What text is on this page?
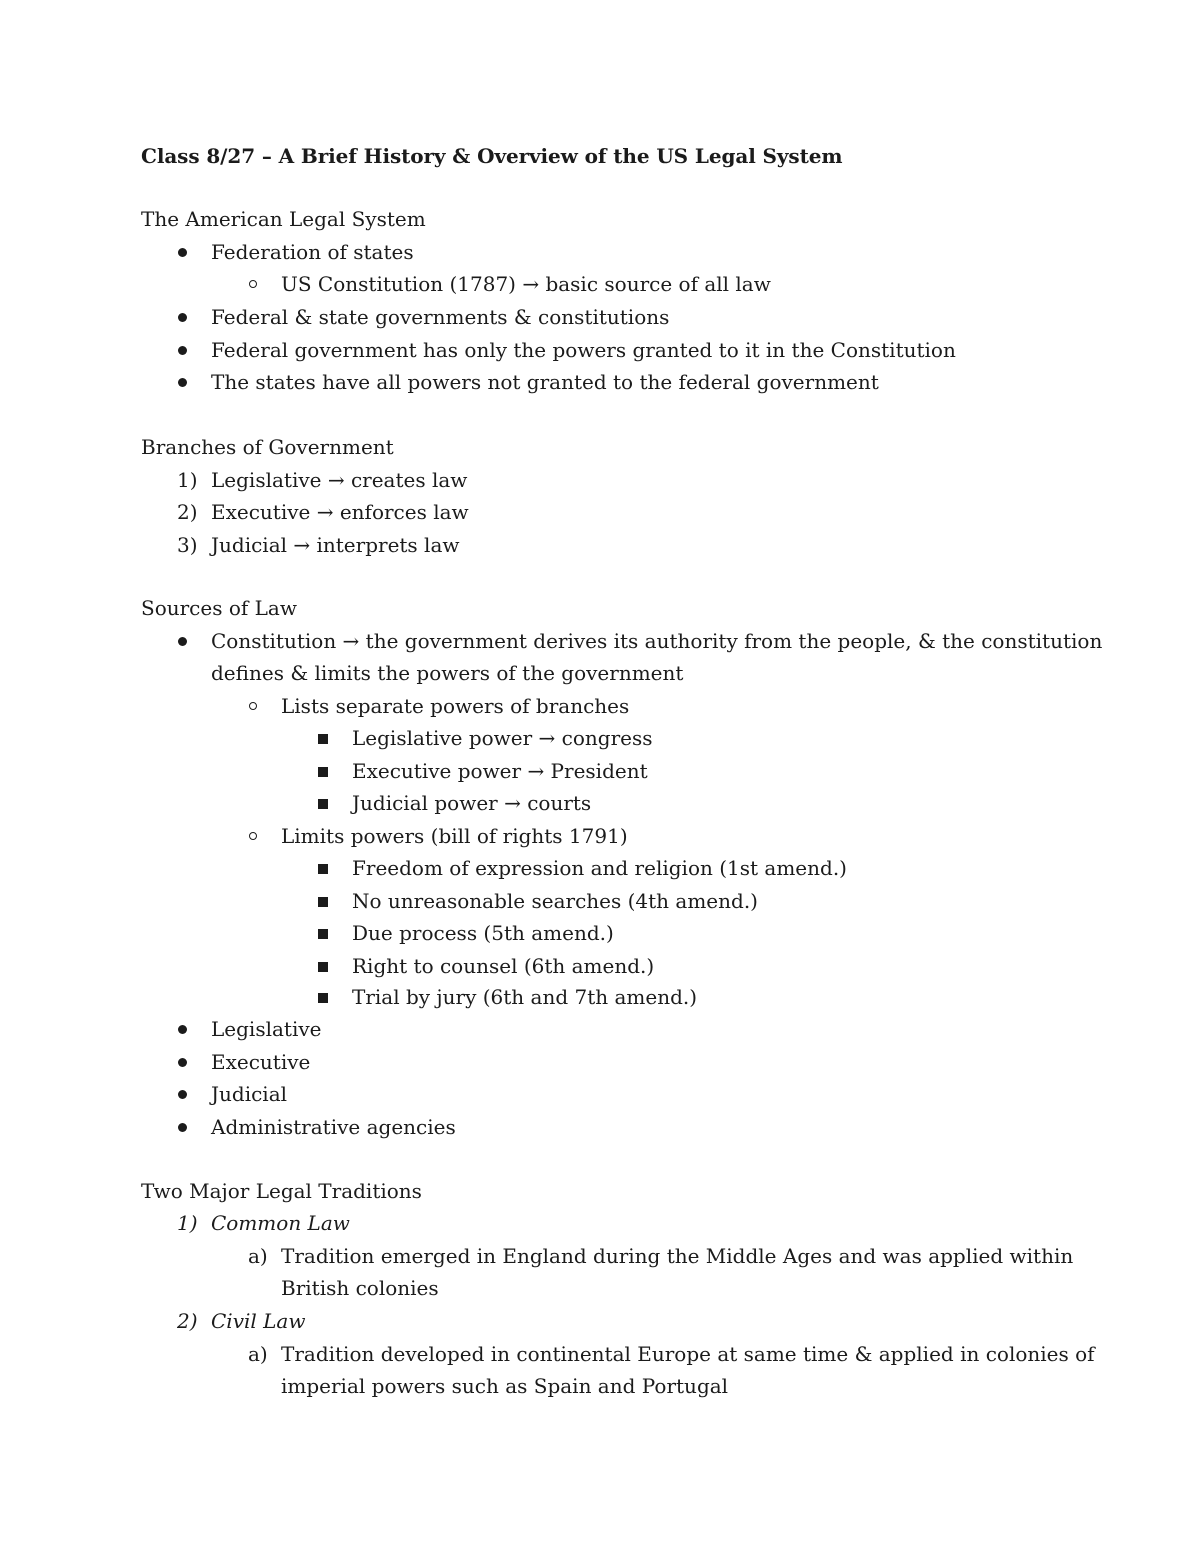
Class 8/27 – A Brief History & Overview of the US Legal System
The American Legal System
Federation of states
US Constitution (1787) → basic source of all law
Federal & state governments & constitutions
Federal government has only the powers granted to it in the Constitution
The states have all powers not granted to the federal government
Branches of Government
1) Legislative → creates law
2) Executive → enforces law
3) Judicial → interprets law
Sources of Law
Constitution → the government derives its authority from the people, & the constitution
defines & limits the powers of the government
Lists separate powers of branches
Legislative power → congress
Executive power → President
Judicial power → courts
Limits powers (bill of rights 1791)
Freedom of expression and religion (1st amend.)
No unreasonable searches (4th amend.)
Due process (5th amend.)
Right to counsel (6th amend.)
Trial by jury (6th and 7th amend.)
Legislative
Executive
Judicial
Administrative agencies
Two Major Legal Traditions
1) Common Law
a) Tradition emerged in England during the Middle Ages and was applied within
British colonies
2) Civil Law
a) Tradition developed in continental Europe at same time & applied in colonies of
imperial powers such as Spain and Portugal
